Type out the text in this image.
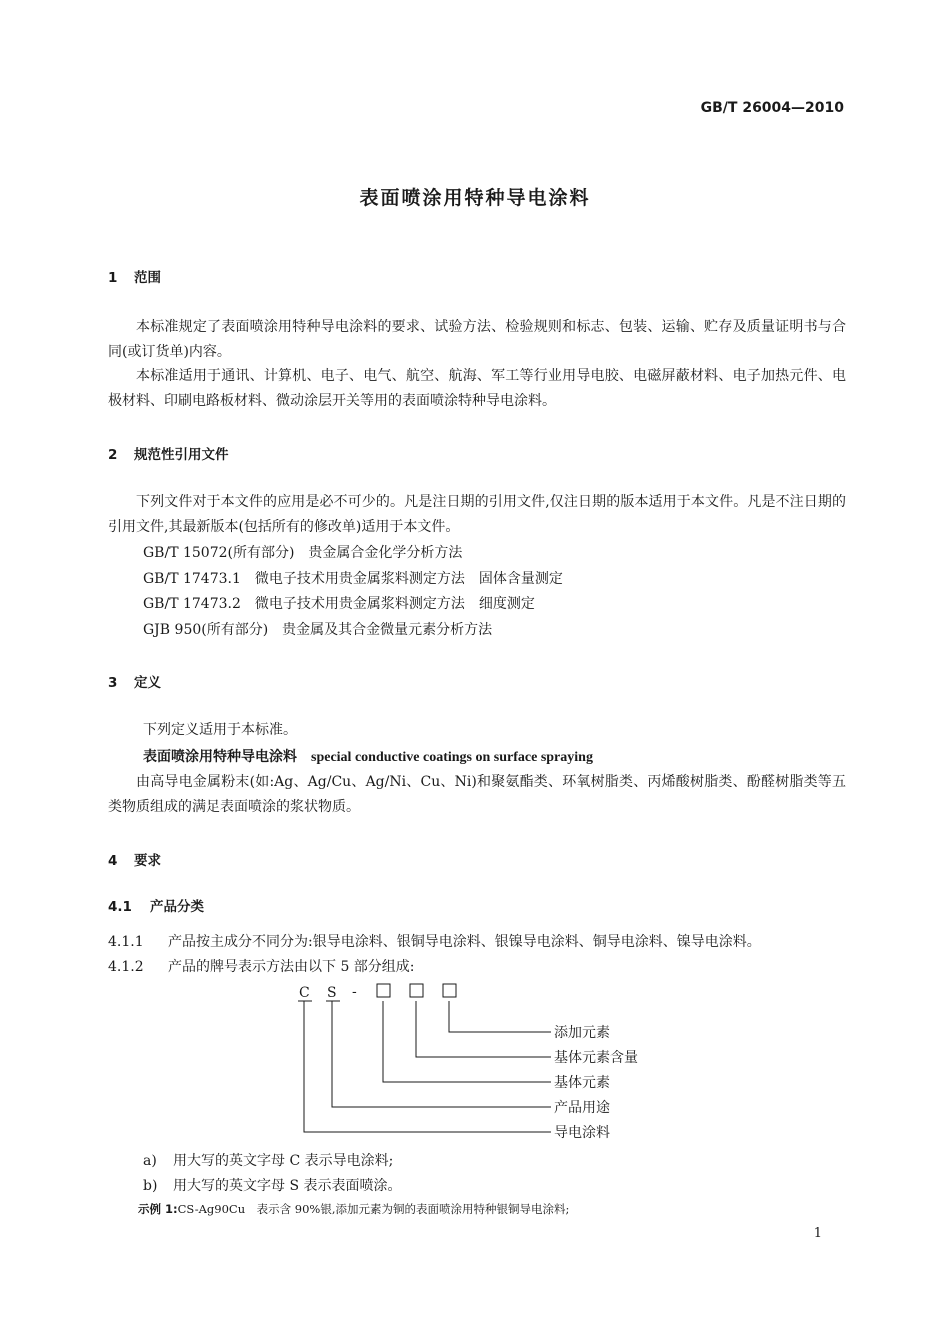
GB/T 26004—2010
表面喷涂用特种导电涂料
1 范围
本标准规定了表面喷涂用特种导电涂料的要求、试验方法、检验规则和标志、包装、运输、贮存及质量证明书与合同(或订货单)内容。
本标准适用于通讯、计算机、电子、电气、航空、航海、军工等行业用导电胶、电磁屏蔽材料、电子加热元件、电极材料、印刷电路板材料、微动涂层开关等用的表面喷涂特种导电涂料。
2 规范性引用文件
下列文件对于本文件的应用是必不可少的。凡是注日期的引用文件,仅注日期的版本适用于本文件。凡是不注日期的引用文件,其最新版本(包括所有的修改单)适用于本文件。
GB/T 15072(所有部分)　贵金属合金化学分析方法
GB/T 17473.1　微电子技术用贵金属浆料测定方法　固体含量测定
GB/T 17473.2　微电子技术用贵金属浆料测定方法　细度测定
GJB 950(所有部分)　贵金属及其合金微量元素分析方法
3 定义
下列定义适用于本标准。
表面喷涂用特种导电涂料 special conductive coatings on surface spraying
由高导电金属粉末(如:Ag、Ag/Cu、Ag/Ni、Cu、Ni)和聚氨酯类、环氧树脂类、丙烯酸树脂类、酚醛树脂类等五类物质组成的满足表面喷涂的浆状物质。
4 要求
4.1 产品分类
4.1.1 产品按主成分不同分为:银导电涂料、银铜导电涂料、银镍导电涂料、铜导电涂料、镍导电涂料。
4.1.2 产品的牌号表示方法由以下 5 部分组成:
C S -
添加元素
基体元素含量
基体元素
产品用途
导电涂料
a) 用大写的英文字母 C 表示导电涂料;
b) 用大写的英文字母 S 表示表面喷涂。
示例 1:CS-Ag90Cu　表示含 90%银,添加元素为铜的表面喷涂用特种银铜导电涂料;
1
